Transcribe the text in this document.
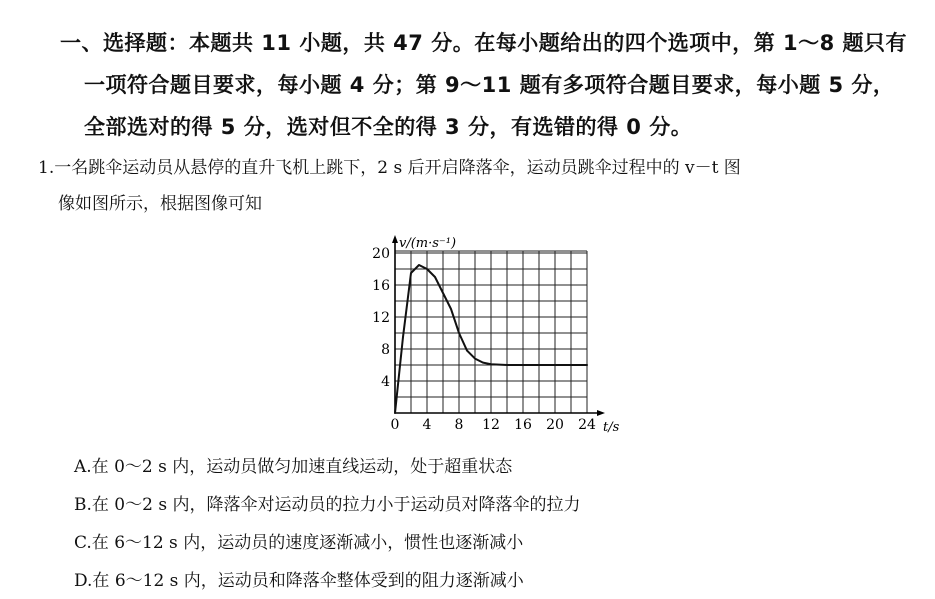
一、选择题：本题共 11 小题，共 47 分。在每小题给出的四个选项中，第 1～8 题只有
一项符合题目要求，每小题 4 分；第 9～11 题有多项符合题目要求，每小题 5 分，
全部选对的得 5 分，选对但不全的得 3 分，有选错的得 0 分。
1.一名跳伞运动员从悬停的直升飞机上跳下，2 s 后开启降落伞，运动员跳伞过程中的 v－t 图
像如图所示，根据图像可知
v/(m·s⁻¹)
t/s
0 4 8 12 16 20 24
4
8
12
16
20
A.在 0～2 s 内，运动员做匀加速直线运动，处于超重状态
B.在 0～2 s 内，降落伞对运动员的拉力小于运动员对降落伞的拉力
C.在 6～12 s 内，运动员的速度逐渐减小，惯性也逐渐减小
D.在 6～12 s 内，运动员和降落伞整体受到的阻力逐渐减小
